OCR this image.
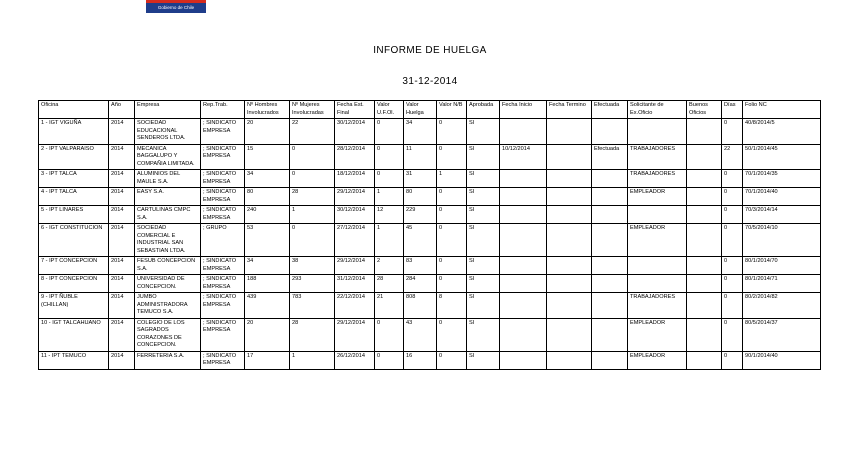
Gobierno de Chile
INFORME DE HUELGA
31-12-2014
Oficina	Año	Empresa	Rep.Trab.	Nº Hombres Involucrados	Nº Mujeres Involucradas	Fecha Est. Final	Valor U.F.Ol.	Valor Huelga	Valor N/B	Aprobada	Fecha Inicio	Fecha Termino	Efectuada	Solicitante de Ex.Oficio	Buenos Oficios	Días	Folio NC
1 - IGT VIGUÑA	2014	SOCIEDAD EDUCACIONAL SENDEROS LTDA.	; SINDICATO EMPRESA	20	22	30/12/2014	0	34	0	SI						0	40/8/2014/5
2 - IPT VALPARAISO	2014	MECANICA BAGGALUPO Y COMPAÑIA LIMITADA.	; SINDICATO EMPRESA	15	0	28/12/2014	0	11	0	SI	10/12/2014		Efectuada	TRABAJADORES		22	50/1/2014/45
3 - IPT TALCA	2014	ALUMINIOS DEL MAULE S.A.	; SINDICATO EMPRESA	34	0	18/12/2014	0	31	1	SI				TRABAJADORES		0	70/1/2014/35
4 - IPT TALCA	2014	EASY S.A.	; SINDICATO EMPRESA	80	28	29/12/2014	1	80	0	SI				EMPLEADOR		0	70/1/2014/40
5 - IPT LINARES	2014	CARTULINAS CMPC S.A.	; SINDICATO EMPRESA	240	1	30/12/2014	12	229	0	SI						0	70/3/2014/14
6 - IGT CONSTITUCION	2014	SOCIEDAD COMERCIAL E INDUSTRIAL SAN SEBASTIAN LTDA.	; GRUPO	53	0	27/12/2014	1	45	0	SI				EMPLEADOR		0	70/5/2014/10
7 - IPT CONCEPCION	2014	FESUB CONCEPCION S.A.	; SINDICATO EMPRESA	34	38	29/12/2014	2	83	0	SI						0	80/1/2014/70
8 - IPT CONCEPCION	2014	UNIVERSIDAD DE CONCEPCION.	; SINDICATO EMPRESA	188	293	31/12/2014	28	284	0	SI						0	80/1/2014/71
9 - IPT ÑUBLE (CHILLAN)	2014	JUMBO ADMINISTRADORA TEMUCO S.A.	; SINDICATO EMPRESA	439	783	22/12/2014	21	808	8	SI				TRABAJADORES		0	80/2/2014/82
10 - IGT TALCAHUANO	2014	COLEGIO DE LOS SAGRADOS CORAZONES DE CONCEPCION.	; SINDICATO EMPRESA	20	28	29/12/2014	0	43	0	SI				EMPLEADOR		0	80/5/2014/37
11 - IPT TEMUCO	2014	FERRETERIA S.A.	; SINDICATO EMPRESA	17	1	26/12/2014	0	16	0	SI				EMPLEADOR		0	90/1/2014/40
